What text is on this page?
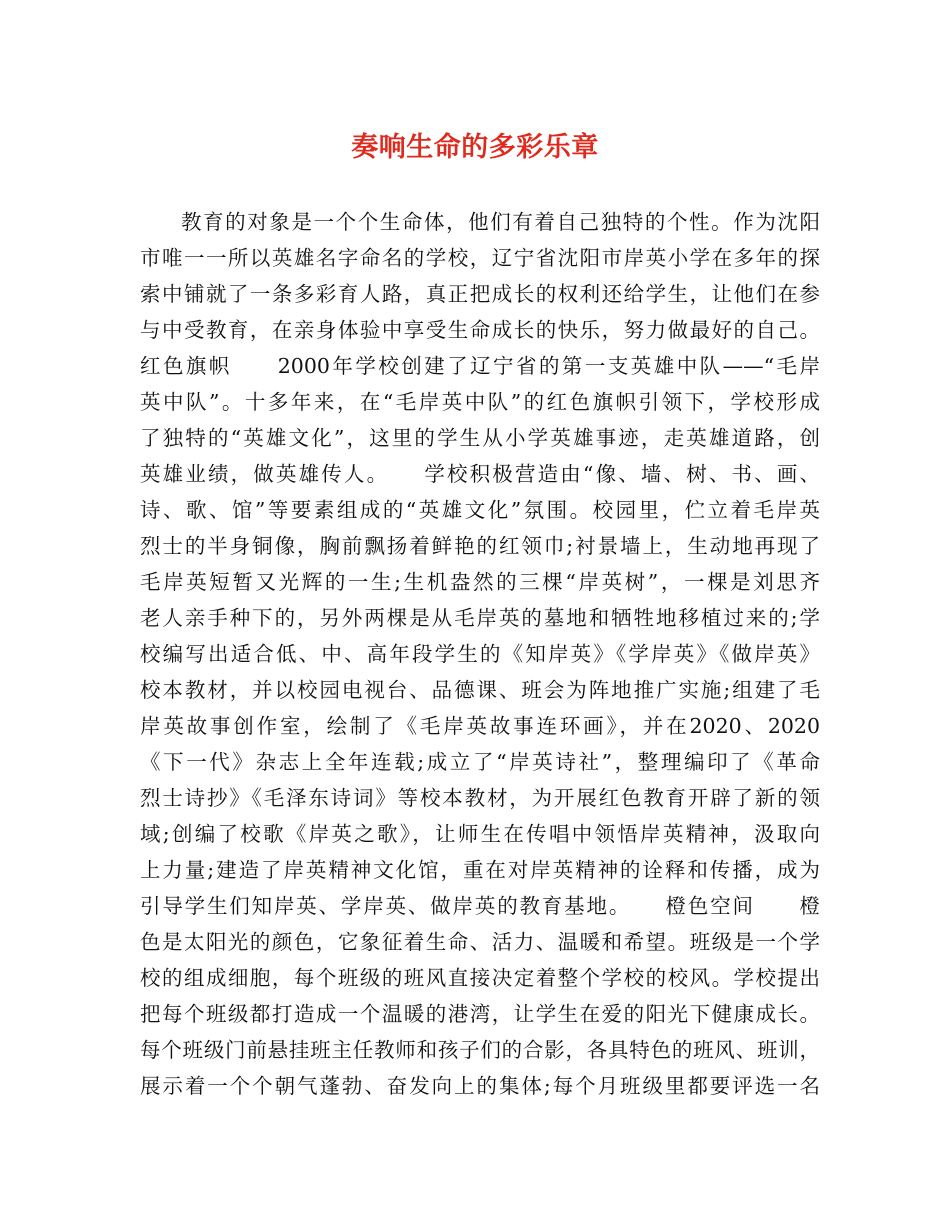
奏响生命的多彩乐章
教育的对象是一个个生命体，他们有着自己独特的个性。作为沈阳
市唯一一所以英雄名字命名的学校，辽宁省沈阳市岸英小学在多年的探
索中铺就了一条多彩育人路，真正把成长的权利还给学生，让他们在参
与中受教育，在亲身体验中享受生命成长的快乐，努力做最好的自己。
红色旗帜　　2000年学校创建了辽宁省的第一支英雄中队——“毛岸
英中队”。十多年来，在“毛岸英中队”的红色旗帜引领下，学校形成
了独特的“英雄文化”，这里的学生从小学英雄事迹，走英雄道路，创
英雄业绩，做英雄传人。　　学校积极营造由“像、墙、树、书、画、
诗、歌、馆”等要素组成的“英雄文化”氛围。校园里，伫立着毛岸英
烈士的半身铜像，胸前飘扬着鲜艳的红领巾;衬景墙上，生动地再现了
毛岸英短暂又光辉的一生;生机盎然的三棵“岸英树”，一棵是刘思齐
老人亲手种下的，另外两棵是从毛岸英的墓地和牺牲地移植过来的;学
校编写出适合低、中、高年段学生的《知岸英》《学岸英》《做岸英》
校本教材，并以校园电视台、品德课、班会为阵地推广实施;组建了毛
岸英故事创作室，绘制了《毛岸英故事连环画》，并在2020、2020
《下一代》杂志上全年连载;成立了“岸英诗社”，整理编印了《革命
烈士诗抄》《毛泽东诗词》等校本教材，为开展红色教育开辟了新的领
域;创编了校歌《岸英之歌》，让师生在传唱中领悟岸英精神，汲取向
上力量;建造了岸英精神文化馆，重在对岸英精神的诠释和传播，成为
引导学生们知岸英、学岸英、做岸英的教育基地。　　橙色空间　　橙
色是太阳光的颜色，它象征着生命、活力、温暖和希望。班级是一个学
校的组成细胞，每个班级的班风直接决定着整个学校的校风。学校提出
把每个班级都打造成一个温暖的港湾，让学生在爱的阳光下健康成长。
每个班级门前悬挂班主任教师和孩子们的合影，各具特色的班风、班训，
展示着一个个朝气蓬勃、奋发向上的集体;每个月班级里都要评选一名
